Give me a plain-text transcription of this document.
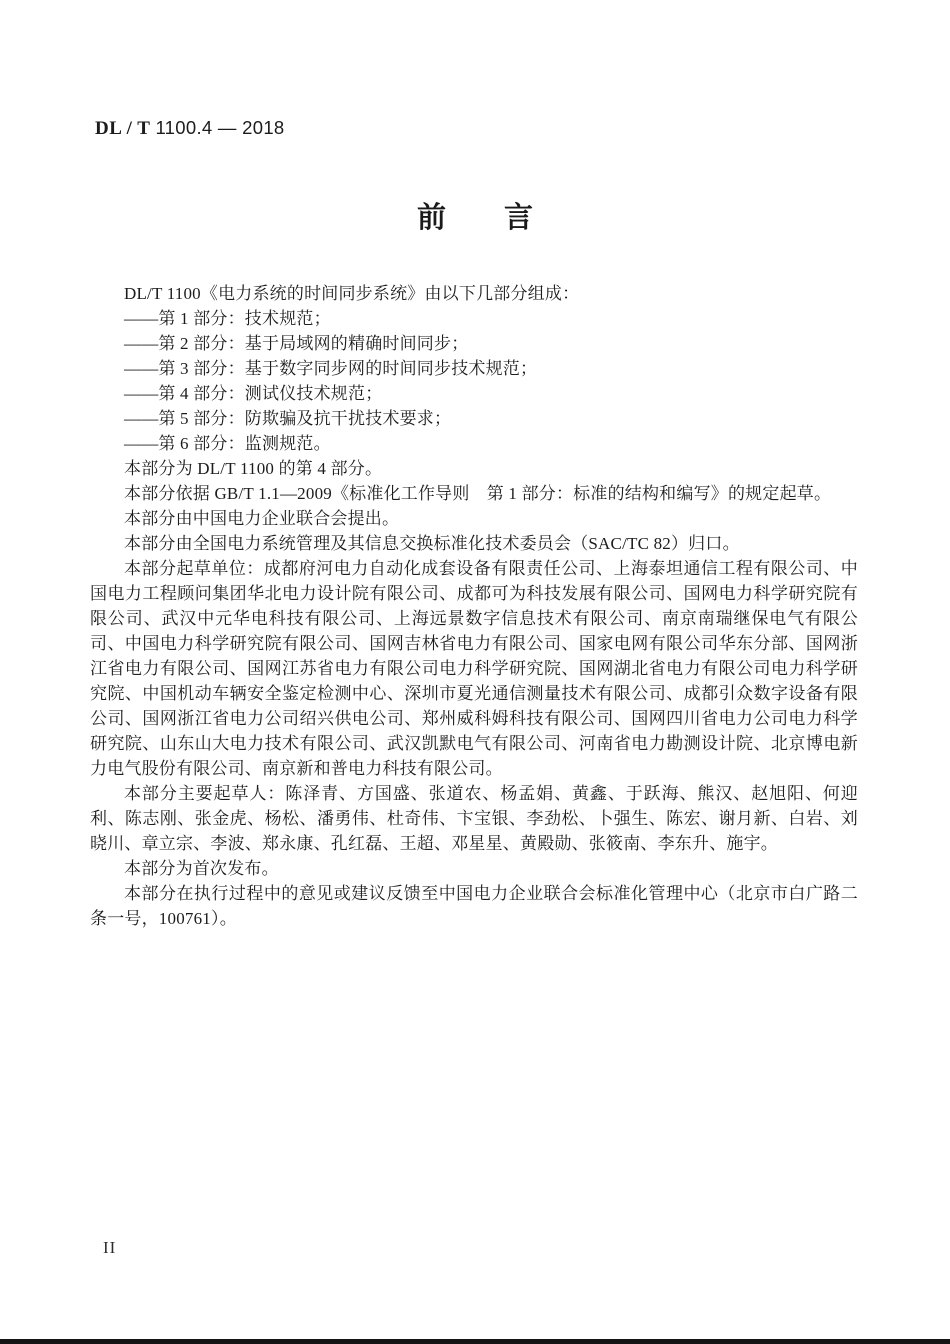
DL / T 1100.4 — 2018
前　　言

DL/T 1100《电力系统的时间同步系统》由以下几部分组成：

——第 1 部分：技术规范；

——第 2 部分：基于局域网的精确时间同步；

——第 3 部分：基于数字同步网的时间同步技术规范；

——第 4 部分：测试仪技术规范；

——第 5 部分：防欺骗及抗干扰技术要求；

——第 6 部分：监测规范。

本部分为 DL/T 1100 的第 4 部分。

本部分依据 GB/T 1.1—2009《标准化工作导则　第 1 部分：标准的结构和编写》的规定起草。

本部分由中国电力企业联合会提出。

本部分由全国电力系统管理及其信息交换标准化技术委员会（SAC/TC 82）归口。

本部分起草单位：成都府河电力自动化成套设备有限责任公司、上海泰坦通信工程有限公司、中国电力工程顾问集团华北电力设计院有限公司、成都可为科技发展有限公司、国网电力科学研究院有限公司、武汉中元华电科技有限公司、上海远景数字信息技术有限公司、南京南瑞继保电气有限公司、中国电力科学研究院有限公司、国网吉林省电力有限公司、国家电网有限公司华东分部、国网浙江省电力有限公司、国网江苏省电力有限公司电力科学研究院、国网湖北省电力有限公司电力科学研究院、中国机动车辆安全鉴定检测中心、深圳市夏光通信测量技术有限公司、成都引众数字设备有限公司、国网浙江省电力公司绍兴供电公司、郑州威科姆科技有限公司、国网四川省电力公司电力科学研究院、山东山大电力技术有限公司、武汉凯默电气有限公司、河南省电力勘测设计院、北京博电新力电气股份有限公司、南京新和普电力科技有限公司。

本部分主要起草人：陈泽青、方国盛、张道农、杨孟娟、黄鑫、于跃海、熊汉、赵旭阳、何迎利、陈志刚、张金虎、杨松、潘勇伟、杜奇伟、卞宝银、李劲松、卜强生、陈宏、谢月新、白岩、刘晓川、章立宗、李波、郑永康、孔红磊、王超、邓星星、黄殿勋、张筱南、李东升、施宇。

本部分为首次发布。

本部分在执行过程中的意见或建议反馈至中国电力企业联合会标准化管理中心（北京市白广路二条一号，100761）。

II
